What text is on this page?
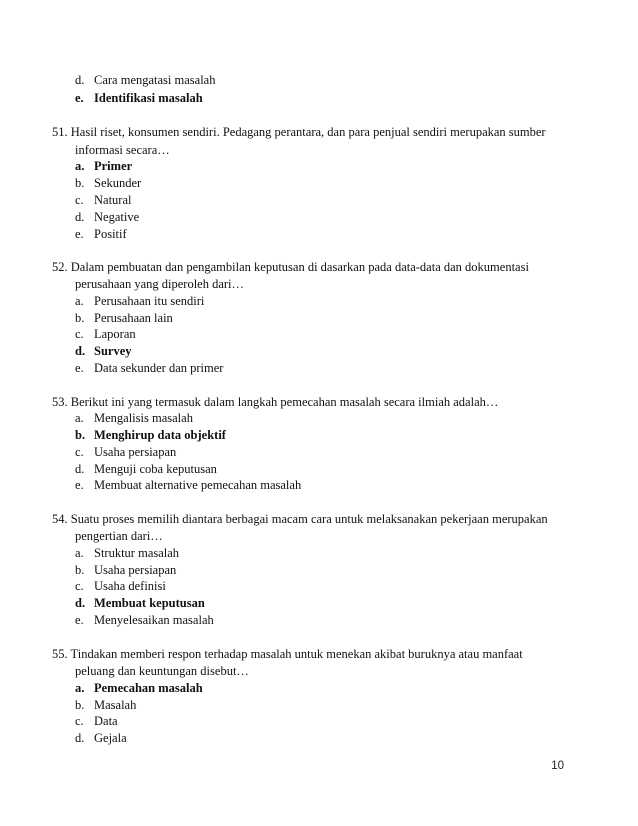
d. Cara mengatasi masalah
e. Identifikasi masalah
51. Hasil riset, konsumen sendiri. Pedagang perantara, dan para penjual sendiri merupakan sumber
informasi secara…
a. Primer
b. Sekunder
c. Natural
d. Negative
e. Positif
52. Dalam pembuatan dan pengambilan keputusan di dasarkan pada data-data dan dokumentasi
perusahaan yang diperoleh dari…
a. Perusahaan itu sendiri
b. Perusahaan lain
c. Laporan
d. Survey
e. Data sekunder dan primer
53. Berikut ini yang termasuk dalam langkah pemecahan masalah secara ilmiah adalah…
a. Mengalisis masalah
b. Menghirup data objektif
c. Usaha persiapan
d. Menguji coba keputusan
e. Membuat alternative pemecahan masalah
54. Suatu proses memilih diantara berbagai macam cara untuk melaksanakan pekerjaan merupakan
pengertian dari…
a. Struktur masalah
b. Usaha persiapan
c. Usaha definisi
d. Membuat keputusan
e. Menyelesaikan masalah
55. Tindakan memberi respon terhadap masalah untuk menekan akibat buruknya atau manfaat
peluang dan keuntungan disebut…
a. Pemecahan masalah
b. Masalah
c. Data
d. Gejala
10
